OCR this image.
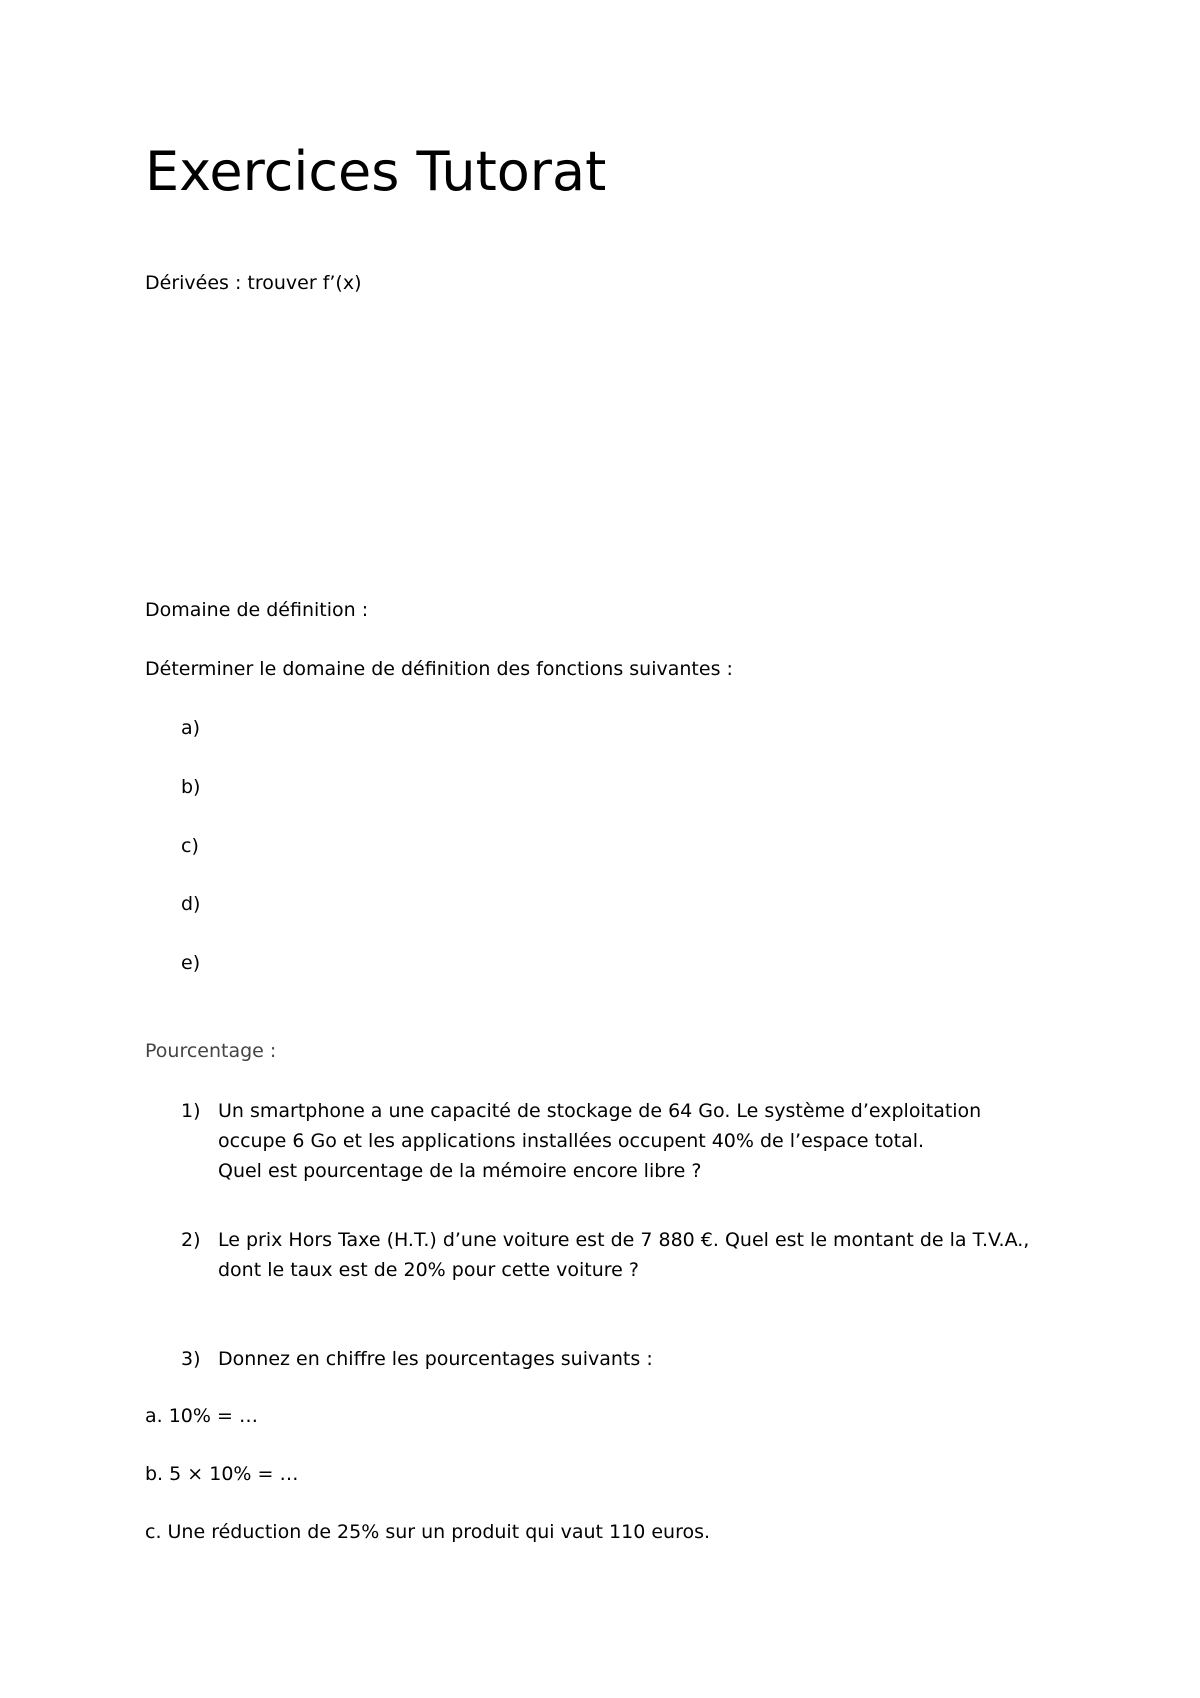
Exercices Tutorat
Dérivées : trouver f’(x)
Domaine de définition :
Déterminer le domaine de définition des fonctions suivantes :
a)
b)
c)
d)
e)
Pourcentage :
1) Un smartphone a une capacité de stockage de 64 Go. Le système d’exploitation
occupe 6 Go et les applications installées occupent 40% de l’espace total.
Quel est pourcentage de la mémoire encore libre ?
2) Le prix Hors Taxe (H.T.) d’une voiture est de 7 880 €. Quel est le montant de la T.V.A.,
dont le taux est de 20% pour cette voiture ?
3) Donnez en chiffre les pourcentages suivants :
a. 10% = …
b. 5 × 10% = …
c. Une réduction de 25% sur un produit qui vaut 110 euros.
